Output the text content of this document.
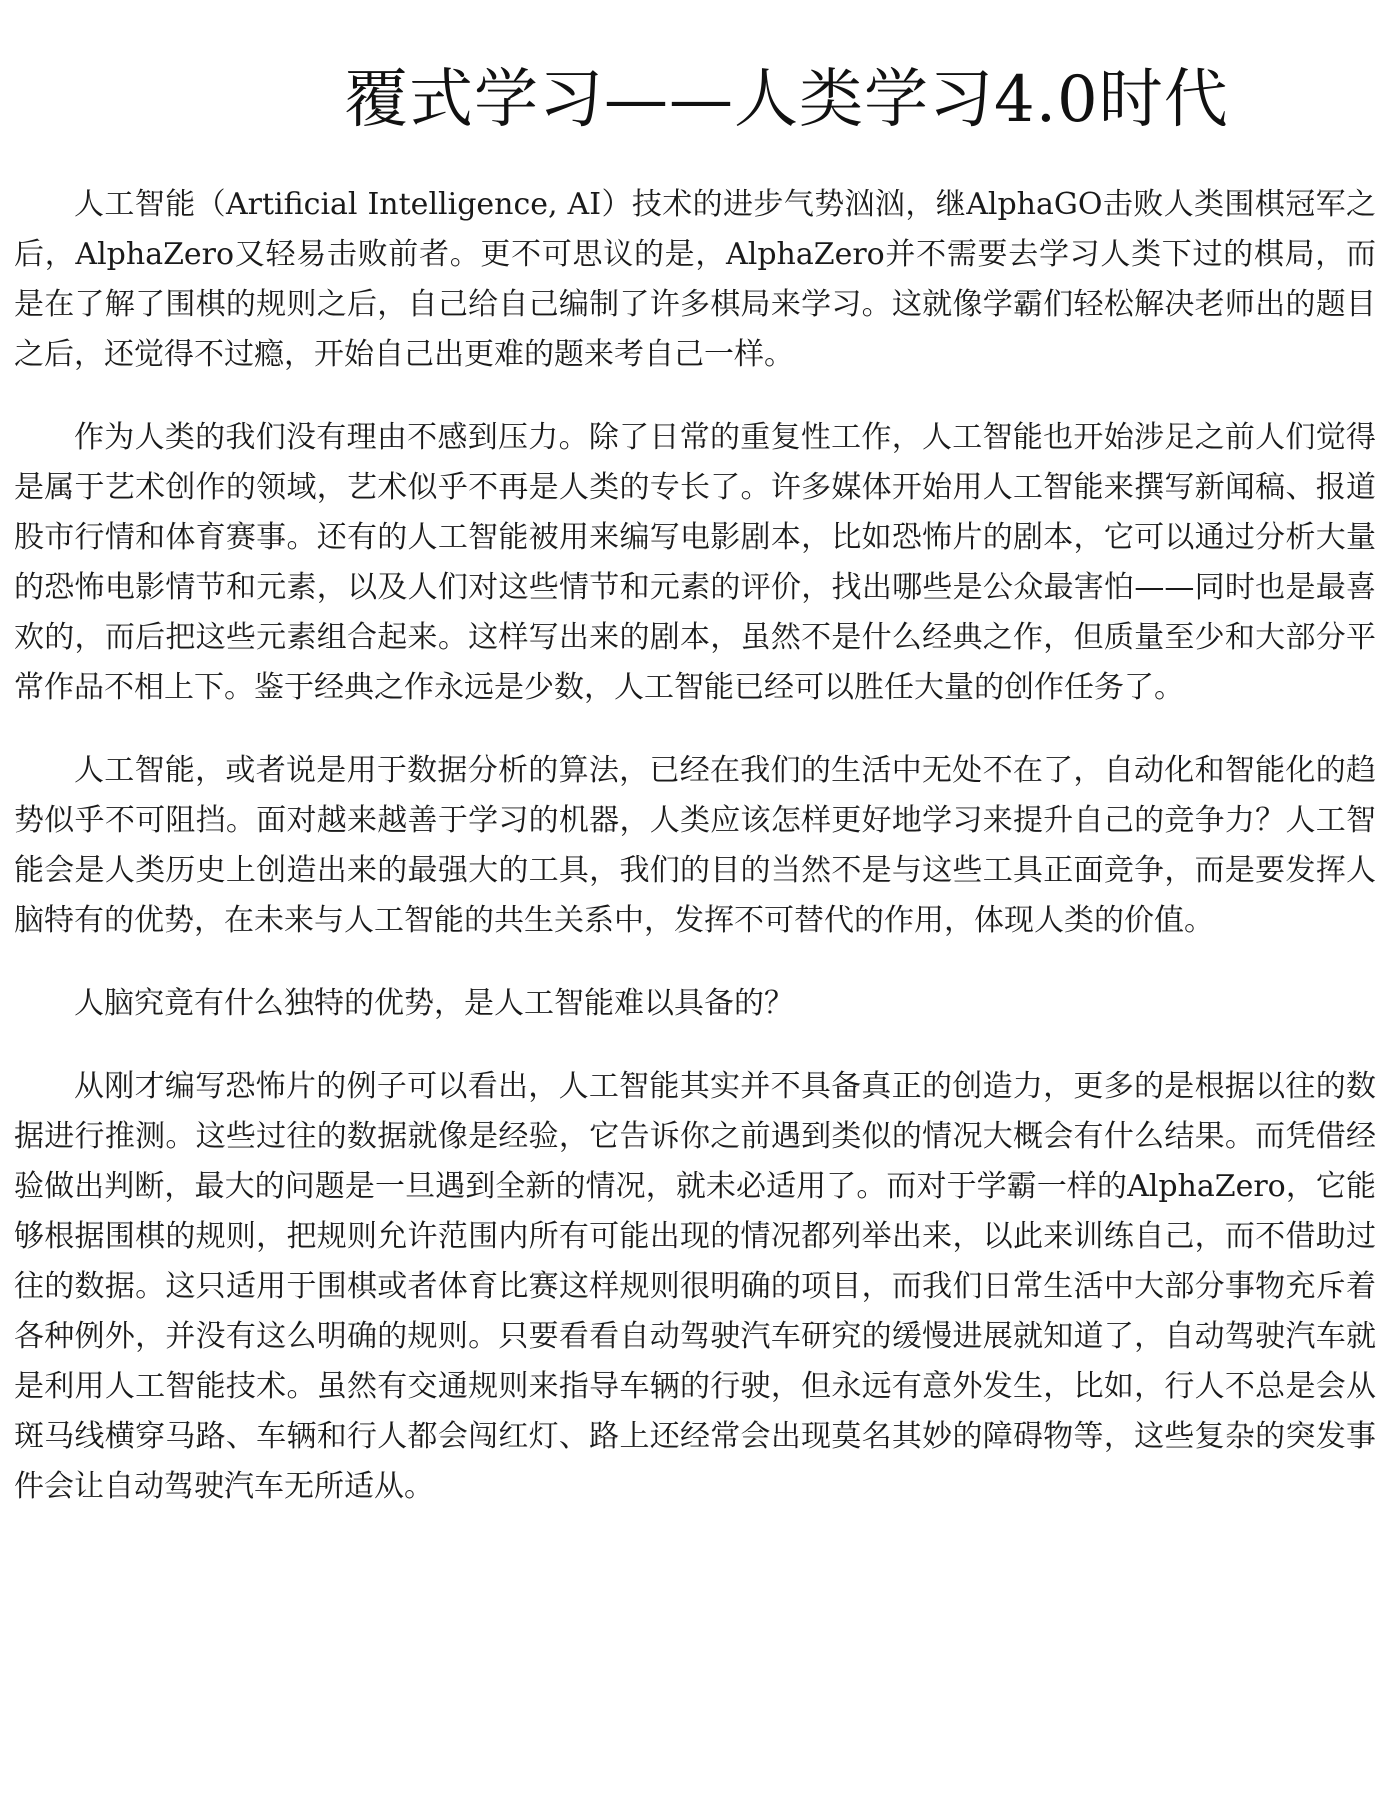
覆式学习——人类学习4.0时代

人工智能（Artificial Intelligence, AI）技术的进步气势汹汹，继AlphaGO击败人类围棋冠军之后，AlphaZero又轻易击败前者。更不可思议的是，AlphaZero并不需要去学习人类下过的棋局，而是在了解了围棋的规则之后，自己给自己编制了许多棋局来学习。这就像学霸们轻松解决老师出的题目之后，还觉得不过瘾，开始自己出更难的题来考自己一样。

作为人类的我们没有理由不感到压力。除了日常的重复性工作，人工智能也开始涉足之前人们觉得是属于艺术创作的领域，艺术似乎不再是人类的专长了。许多媒体开始用人工智能来撰写新闻稿、报道股市行情和体育赛事。还有的人工智能被用来编写电影剧本，比如恐怖片的剧本，它可以通过分析大量的恐怖电影情节和元素，以及人们对这些情节和元素的评价，找出哪些是公众最害怕——同时也是最喜欢的，而后把这些元素组合起来。这样写出来的剧本，虽然不是什么经典之作，但质量至少和大部分平常作品不相上下。鉴于经典之作永远是少数，人工智能已经可以胜任大量的创作任务了。

人工智能，或者说是用于数据分析的算法，已经在我们的生活中无处不在了，自动化和智能化的趋势似乎不可阻挡。面对越来越善于学习的机器，人类应该怎样更好地学习来提升自己的竞争力？人工智能会是人类历史上创造出来的最强大的工具，我们的目的当然不是与这些工具正面竞争，而是要发挥人脑特有的优势，在未来与人工智能的共生关系中，发挥不可替代的作用，体现人类的价值。

人脑究竟有什么独特的优势，是人工智能难以具备的？

从刚才编写恐怖片的例子可以看出，人工智能其实并不具备真正的创造力，更多的是根据以往的数据进行推测。这些过往的数据就像是经验，它告诉你之前遇到类似的情况大概会有什么结果。而凭借经验做出判断，最大的问题是一旦遇到全新的情况，就未必适用了。而对于学霸一样的AlphaZero，它能够根据围棋的规则，把规则允许范围内所有可能出现的情况都列举出来，以此来训练自己，而不借助过往的数据。这只适用于围棋或者体育比赛这样规则很明确的项目，而我们日常生活中大部分事物充斥着各种例外，并没有这么明确的规则。只要看看自动驾驶汽车研究的缓慢进展就知道了，自动驾驶汽车就是利用人工智能技术。虽然有交通规则来指导车辆的行驶，但永远有意外发生，比如，行人不总是会从斑马线横穿马路、车辆和行人都会闯红灯、路上还经常会出现莫名其妙的障碍物等，这些复杂的突发事件会让自动驾驶汽车无所适从。
